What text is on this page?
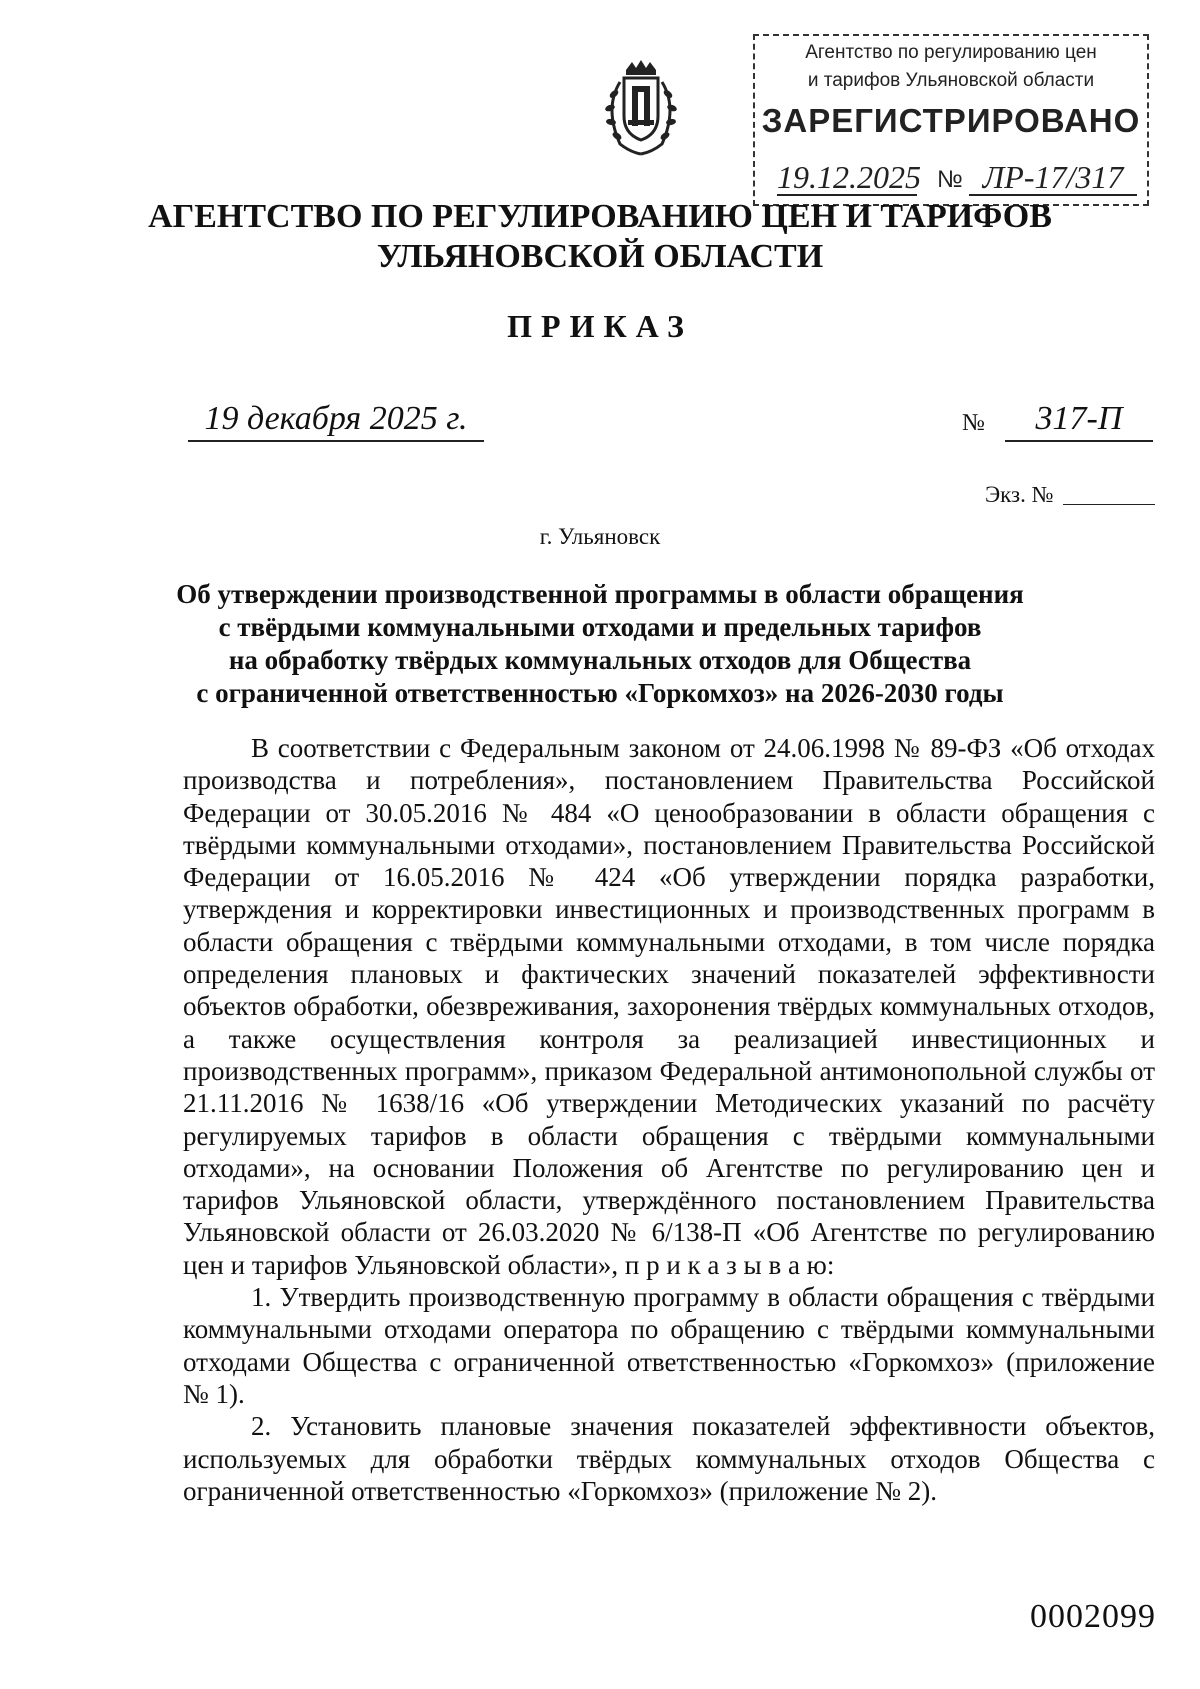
Агентство по регулированию цен
и тарифов Ульяновской области
ЗАРЕГИСТРИРОВАНО
19.12.2025 № ЛР-17/317
АГЕНТСТВО ПО РЕГУЛИРОВАНИЮ ЦЕН И ТАРИФОВ
УЛЬЯНОВСКОЙ ОБЛАСТИ
ПРИКАЗ
19 декабря 2025 г.	№	317-П
Экз. №
г. Ульяновск
Об утверждении производственной программы в области обращения
с твёрдыми коммунальными отходами и предельных тарифов
на обработку твёрдых коммунальных отходов для Общества
с ограниченной ответственностью «Горкомхоз» на 2026-2030 годы

В соответствии с Федеральным законом от 24.06.1998 № 89-ФЗ «Об отходах производства и потребления», постановлением Правительства Российской Федерации от 30.05.2016 № 484 «О ценообразовании в области обращения с твёрдыми коммунальными отходами», постановлением Правительства Российской Федерации от 16.05.2016 № 424 «Об утверждении порядка разработки, утверждения и корректировки инвестиционных и производственных программ в области обращения с твёрдыми коммунальными отходами, в том числе порядка определения плановых и фактических значений показателей эффективности объектов обработки, обезвреживания, захоронения твёрдых коммунальных отходов, а также осуществления контроля за реализацией инвестиционных и производственных программ», приказом Федеральной антимонопольной службы от 21.11.2016 № 1638/16 «Об утверждении Методических указаний по расчёту регулируемых тарифов в области обращения с твёрдыми коммунальными отходами», на основании Положения об Агентстве по регулированию цен и тарифов Ульяновской области, утверждённого постановлением Правительства Ульяновской области от 26.03.2020 № 6/138-П «Об Агентстве по регулированию цен и тарифов Ульяновской области», п р и к а з ы в а ю:

1. Утвердить производственную программу в области обращения с твёрдыми коммунальными отходами оператора по обращению с твёрдыми коммунальными отходами Общества с ограниченной ответственностью «Горкомхоз» (приложение № 1).

2. Установить плановые значения показателей эффективности объектов, используемых для обработки твёрдых коммунальных отходов Общества с ограниченной ответственностью «Горкомхоз» (приложение № 2).

0002099
